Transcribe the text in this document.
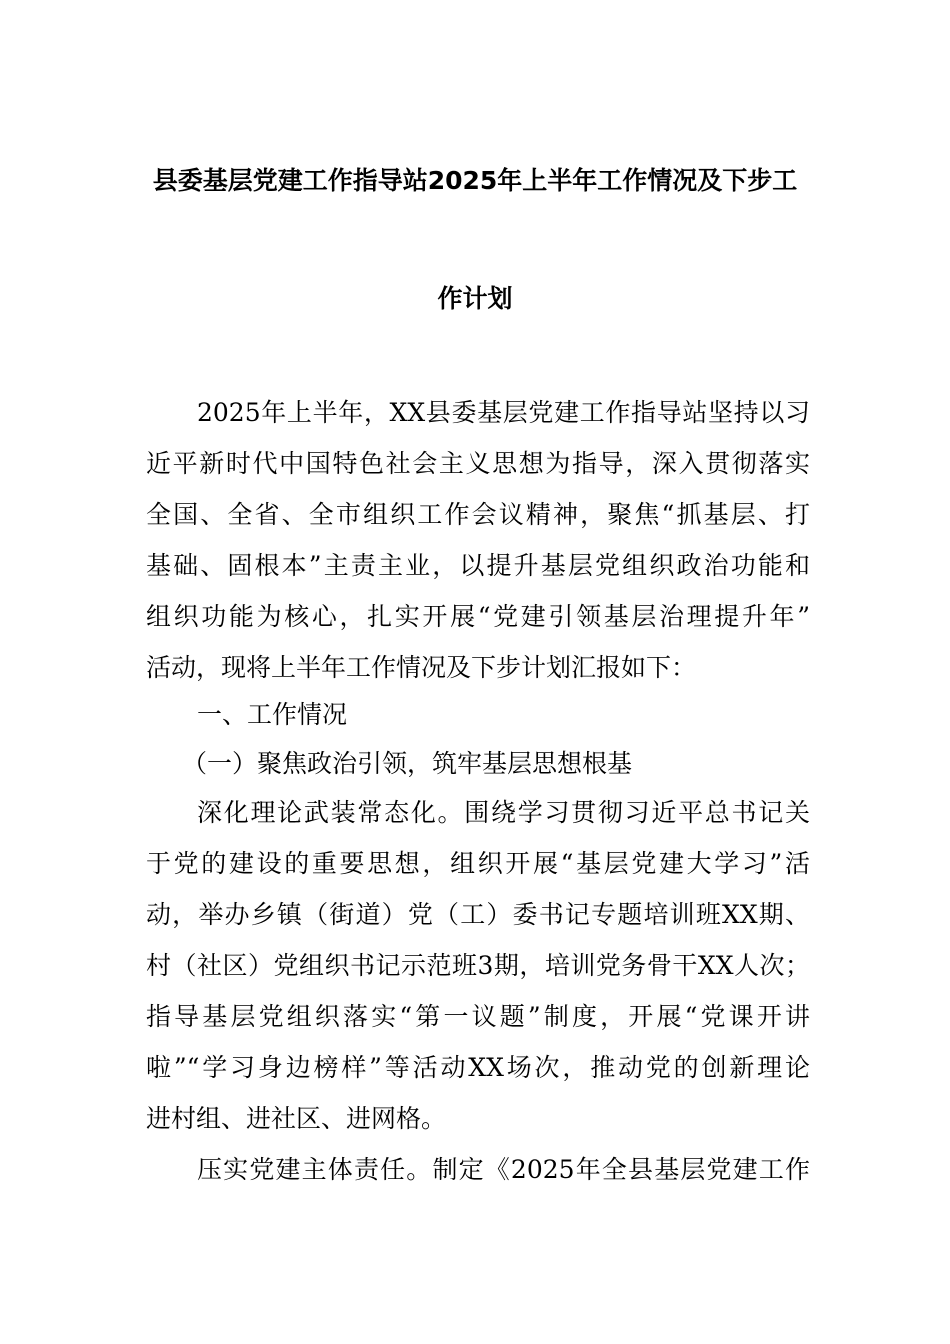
县委基层党建工作指导站2025年上半年工作情况及下步工
作计划
2025年上半年，XX县委基层党建工作指导站坚持以习
近平新时代中国特色社会主义思想为指导，深入贯彻落实
全国、全省、全市组织工作会议精神，聚焦“抓基层、打
基础、固根本”主责主业，以提升基层党组织政治功能和
组织功能为核心，扎实开展“党建引领基层治理提升年”
活动，现将上半年工作情况及下步计划汇报如下：
一、工作情况
（一）聚焦政治引领，筑牢基层思想根基
深化理论武装常态化。围绕学习贯彻习近平总书记关
于党的建设的重要思想，组织开展“基层党建大学习”活
动，举办乡镇（街道）党（工）委书记专题培训班XX期、
村（社区）党组织书记示范班3期，培训党务骨干XX人次；
指导基层党组织落实“第一议题”制度，开展“党课开讲
啦”“学习身边榜样”等活动XX场次，推动党的创新理论
进村组、进社区、进网格。
压实党建主体责任。制定《2025年全县基层党建工作
